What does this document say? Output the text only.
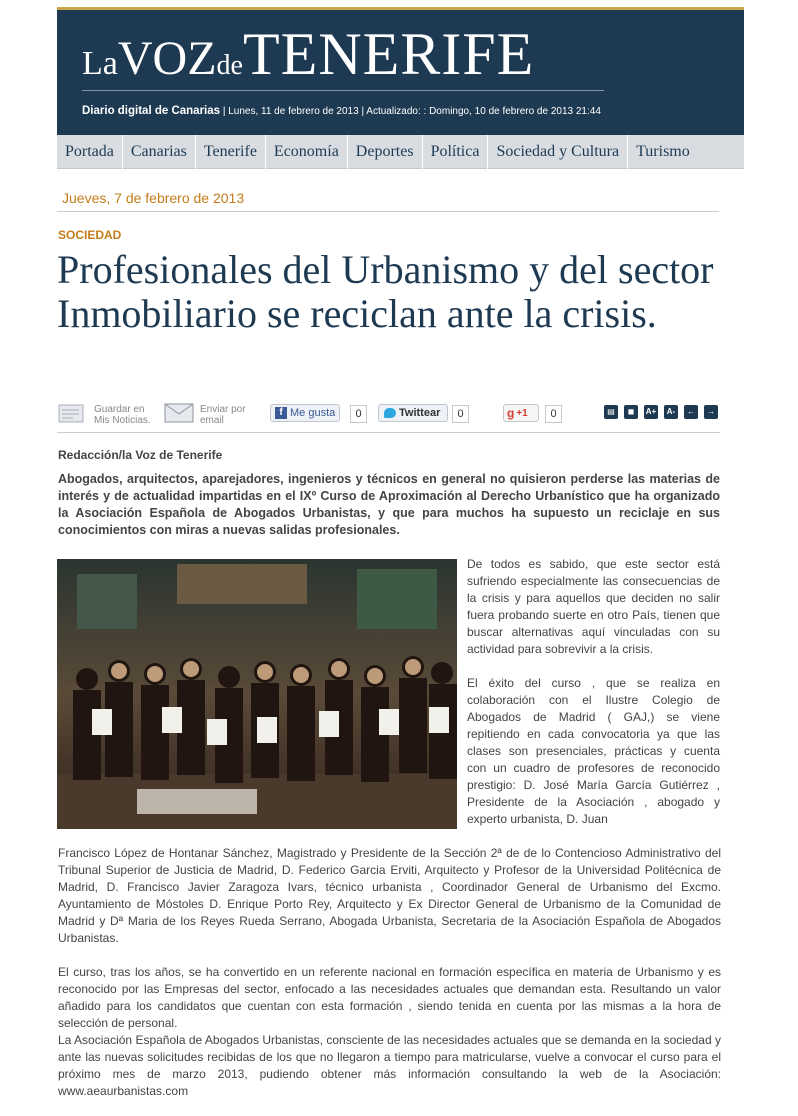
LaVOZdeTENERIFE
Diario digital de Canarias | Lunes, 11 de febrero de 2013 | Actualizado: : Domingo, 10 de febrero de 2013 21:44
Portada	Canarias	Tenerife	Economía	Deportes	Política	Sociedad y Cultura	Turismo
Jueves, 7 de febrero de 2013
SOCIEDAD
Profesionales del Urbanismo y del sector Inmobiliario se reciclan ante la crisis.
Guardar en Mis Noticias.
Enviar por email
f Me gusta	0	Twittear	0	g +1	0	▤	◼	A+	A-	←	→
Redacción/la Voz de Tenerife

Abogados, arquitectos, aparejadores, ingenieros y técnicos en general no quisieron perderse las materias de interés y de actualidad impartidas en el IXº Curso de Aproximación al Derecho Urbanístico que ha organizado la Asociación Española de Abogados Urbanistas, y que para muchos ha supuesto un reciclaje en sus conocimientos con miras a nuevas salidas profesionales.

De todos es sabido, que este sector está sufriendo especialmente las consecuencias de la crisis y para aquellos que deciden no salir fuera probando suerte en otro País, tienen que buscar alternativas aquí vinculadas con su actividad para sobrevivir a la crisis.

El éxito del curso , que se realiza en colaboración con el Ilustre Colegio de Abogados de Madrid ( GAJ,) se viene repitiendo en cada convocatoria ya que las clases son presenciales, prácticas y cuenta con un cuadro de profesores de reconocido prestigio: D. José María García Gutiérrez , Presidente de la Asociación , abogado y experto urbanista, D. Juan

Francisco López de Hontanar Sánchez, Magistrado y Presidente de la Sección 2ª de de lo Contencioso Administrativo del Tribunal Superior de Justicia de Madrid, D. Federico Garcia Erviti, Arquitecto y Profesor de la Universidad Politécnica de Madrid, D. Francisco Javier Zaragoza Ivars, técnico urbanista , Coordinador General de Urbanismo del Excmo. Ayuntamiento de Móstoles D. Enrique Porto Rey, Arquitecto y Ex Director General de Urbanismo de la Comunidad de Madrid y Dª Maria de los Reyes Rueda Serrano, Abogada Urbanista, Secretaria de la Asociación Española de Abogados Urbanistas.

El curso, tras los años, se ha convertido en un referente nacional en formación específica en materia de Urbanismo y es reconocido por las Empresas del sector, enfocado a las necesidades actuales que demandan esta. Resultando un valor añadido para los candidatos que cuentan con esta formación , siendo tenida en cuenta por las mismas a la hora de selección de personal.

La Asociación Española de Abogados Urbanistas, consciente de las necesidades actuales que se demanda en la sociedad y ante las nuevas solicitudes recibidas de los que no llegaron a tiempo para matricularse, vuelve a convocar el curso para el próximo mes de marzo 2013, pudiendo obtener más información consultando la web de la Asociación: www.aeaurbanistas.com
